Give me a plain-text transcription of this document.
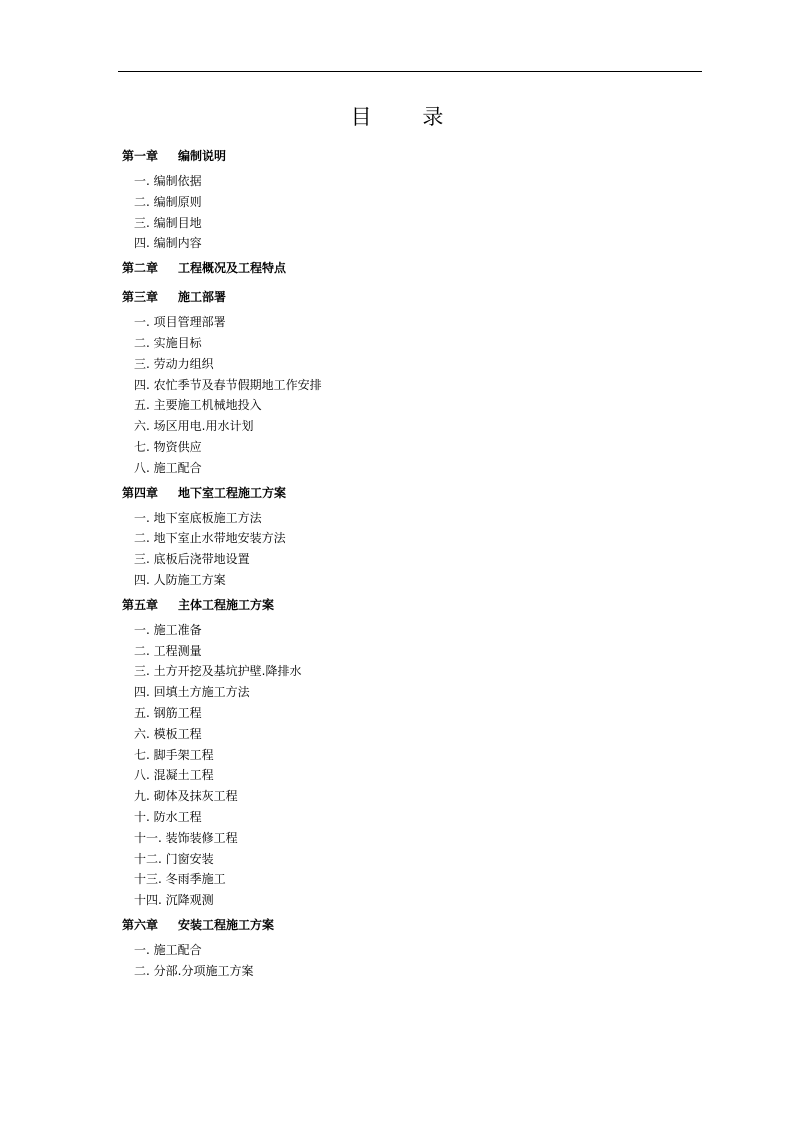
目 录
第一章	编制说明
一. 编制依据
二. 编制原则
三. 编制目地
四. 编制内容
第二章	工程概况及工程特点
第三章	施工部署
一. 项目管理部署
二. 实施目标
三. 劳动力组织
四. 农忙季节及春节假期地工作安排
五. 主要施工机械地投入
六. 场区用电.用水计划
七. 物资供应
八. 施工配合
第四章	地下室工程施工方案
一. 地下室底板施工方法
二. 地下室止水带地安装方法
三. 底板后浇带地设置
四. 人防施工方案
第五章	主体工程施工方案
一. 施工准备
二. 工程测量
三. 土方开挖及基坑护壁.降排水
四. 回填土方施工方法
五. 钢筋工程
六. 模板工程
七. 脚手架工程
八. 混凝土工程
九. 砌体及抹灰工程
十. 防水工程
十一. 装饰装修工程
十二. 门窗安装
十三. 冬雨季施工
十四. 沉降观测
第六章	安装工程施工方案
一. 施工配合
二. 分部.分项施工方案
